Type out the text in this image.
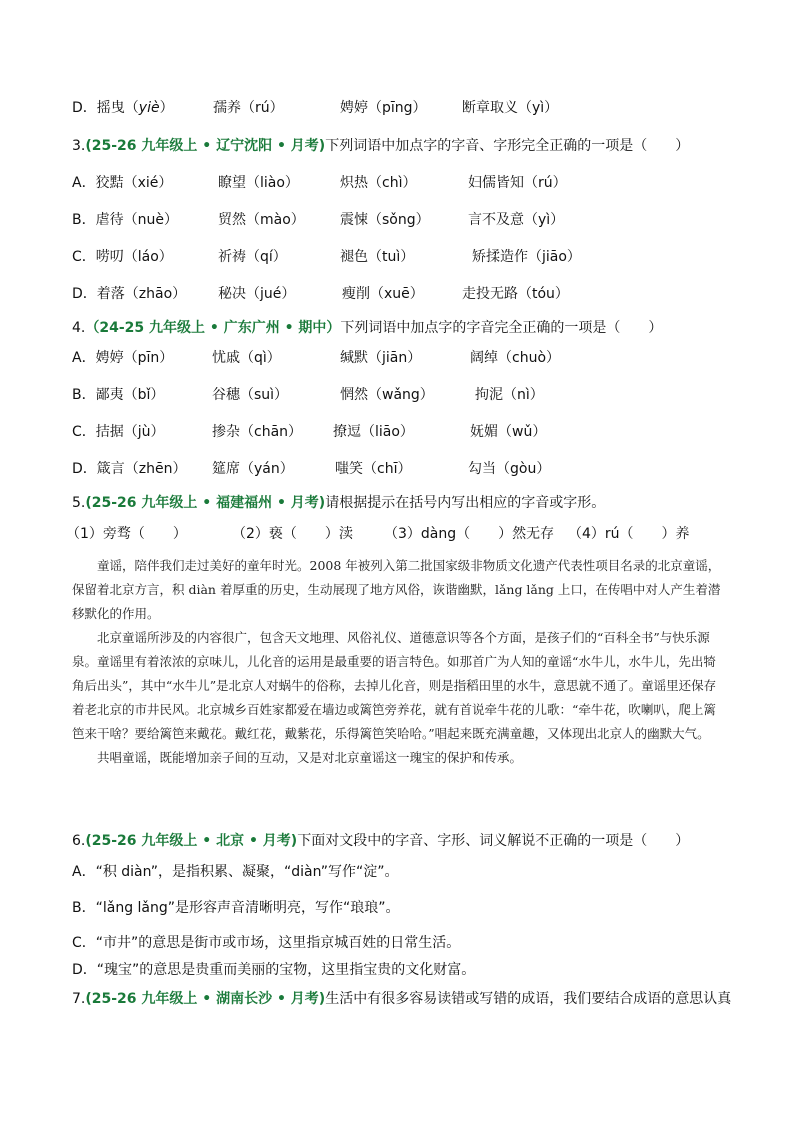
D．摇曳（yiè）	孺养（rú）	娉婷（pīng）	断章取义（yì）
3.(25-26 九年级上 • 辽宁沈阳 • 月考)下列词语中加点字的字音、字形完全正确的一项是（　　）
A．狡黠（xié）	瞭望（liào）	炽热（chì）	妇儒皆知（rú）
B．虐待（nuè）	贸然（mào）	震悚（sǒng）	言不及意（yì）
C．唠叨（láo）	祈祷（qí）	褪色（tuì）	矫揉造作（jiāo）
D．着落（zhāo） 秘决（jué）	瘦削（xuē）	走投无路（tóu）
4.（24-25 九年级上 • 广东广州 • 期中）下列词语中加点字的字音完全正确的一项是（　　）
A．娉婷（pīn）	忧戚（qì）	缄默（jiān）	阔绰（chuò）
B．鄙夷（bǐ）	谷穗（suì）	惘然（wǎng）	拘泥（nì）
C．拮据（jù）	掺杂（chān） 撩逗（liāo）	妩媚（wǔ）
D．箴言（zhēn） 筵席（yán）	嗤笑（chī）	勾当（gòu）
5.(25-26 九年级上 • 福建福州 • 月考)请根据提示在括号内写出相应的字音或字形。
（1）旁骛（　　）	（2）亵（　　）渎 （3）dàng（　　）然无存 （4）rú（　　）养

童谣，陪伴我们走过美好的童年时光。2008 年被列入第二批国家级非物质文化遗产代表性项目名录的北京童谣，保留着北京方言，积 diàn 着厚重的历史，生动展现了地方风俗，诙谐幽默，lǎng lǎng 上口，在传唱中对人产生着潜移默化的作用。

北京童谣所涉及的内容很广，包含天文地理、风俗礼仪、道德意识等各个方面，是孩子们的“百科全书”与快乐源泉。童谣里有着浓浓的京味儿，儿化音的运用是最重要的语言特色。如那首广为人知的童谣“水牛儿，水牛儿，先出犄角后出头”，其中“水牛儿”是北京人对蜗牛的俗称，去掉儿化音，则是指稻田里的水牛，意思就不通了。童谣里还保存着老北京的市井民风。北京城乡百姓家都爱在墙边或篱笆旁养花，就有首说牵牛花的儿歌：“牵牛花，吹喇叭，爬上篱笆来干啥？要给篱笆来戴花。戴红花，戴紫花，乐得篱笆笑哈哈。”唱起来既充满童趣，又体现出北京人的幽默大气。

共唱童谣，既能增加亲子间的互动，又是对北京童谣这一瑰宝的保护和传承。

6.(25-26 九年级上 • 北京 • 月考)下面对文段中的字音、字形、词义解说不正确的一项是（　　）
A．“积 diàn”，是指积累、凝聚，“diàn”写作“淀”。
B．“lǎng lǎng”是形容声音清晰明亮，写作“琅琅”。
C．“市井”的意思是街市或市场，这里指京城百姓的日常生活。
D．“瑰宝”的意思是贵重而美丽的宝物，这里指宝贵的文化财富。
7.(25-26 九年级上 • 湖南长沙 • 月考)生活中有很多容易读错或写错的成语，我们要结合成语的意思认真
